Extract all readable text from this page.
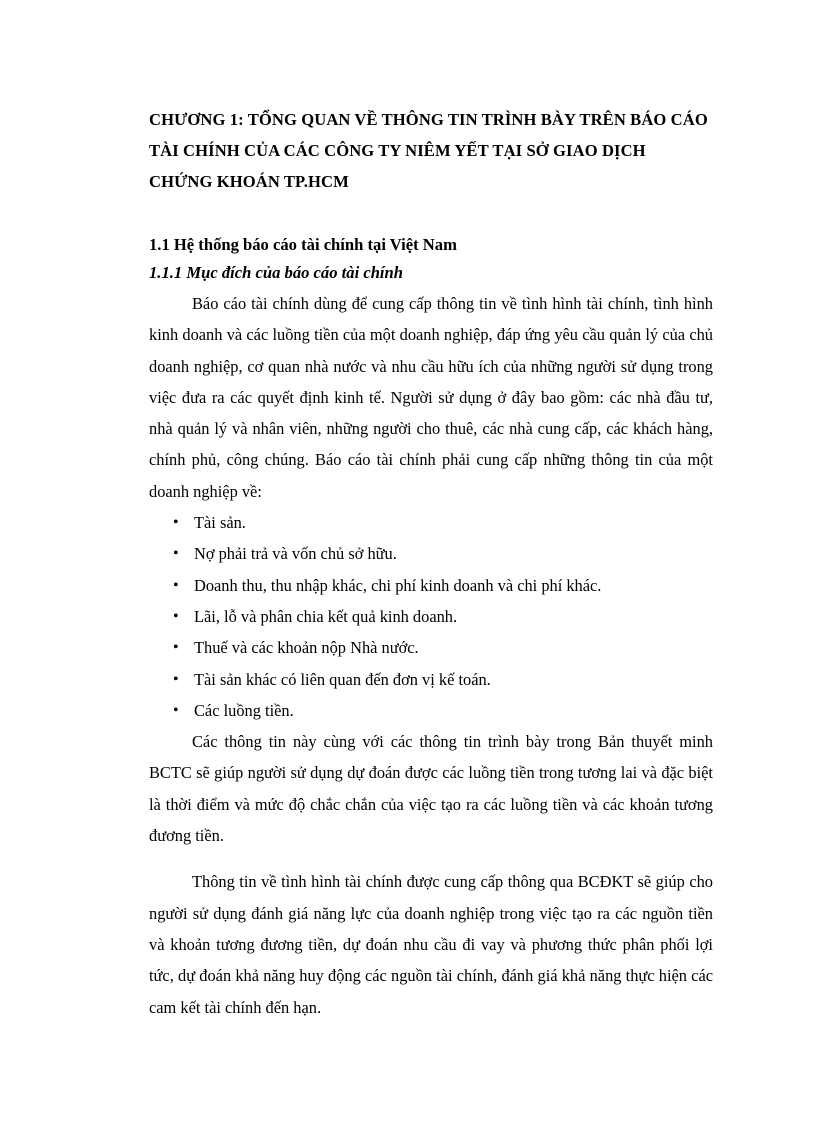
CHƯƠNG 1: TỔNG QUAN VỀ THÔNG TIN TRÌNH BÀY TRÊN BÁO CÁO TÀI CHÍNH CỦA CÁC CÔNG TY NIÊM YẾT TẠI SỞ GIAO DỊCH CHỨNG KHOÁN TP.HCM
1.1 Hệ thống báo cáo tài chính tại Việt Nam
1.1.1 Mục đích của báo cáo tài chính

Báo cáo tài chính dùng để cung cấp thông tin về tình hình tài chính, tình hình kinh doanh và các luồng tiền của một doanh nghiệp, đáp ứng yêu cầu quản lý của chủ doanh nghiệp, cơ quan nhà nước và nhu cầu hữu ích của những người sử dụng trong việc đưa ra các quyết định kinh tế. Người sử dụng ở đây bao gồm: các nhà đầu tư, nhà quản lý và nhân viên, những người cho thuê, các nhà cung cấp, các khách hàng, chính phủ, công chúng. Báo cáo tài chính phải cung cấp những thông tin của một doanh nghiệp về:

• Tài sản.
• Nợ phải trả và vốn chủ sở hữu.
• Doanh thu, thu nhập khác, chi phí kinh doanh và chi phí khác.
• Lãi, lỗ và phân chia kết quả kinh doanh.
• Thuế và các khoản nộp Nhà nước.
• Tài sản khác có liên quan đến đơn vị kế toán.
• Các luồng tiền.

Các thông tin này cùng với các thông tin trình bày trong Bản thuyết minh BCTC sẽ giúp người sử dụng dự đoán được các luồng tiền trong tương lai và đặc biệt là thời điểm và mức độ chắc chắn của việc tạo ra các luồng tiền và các khoản tương đương tiền.

Thông tin về tình hình tài chính được cung cấp thông qua BCĐKT sẽ giúp cho người sử dụng đánh giá năng lực của doanh nghiệp trong việc tạo ra các nguồn tiền và khoản tương đương tiền, dự đoán nhu cầu đi vay và phương thức phân phối lợi tức, dự đoán khả năng huy động các nguồn tài chính, đánh giá khả năng thực hiện các cam kết tài chính đến hạn.
